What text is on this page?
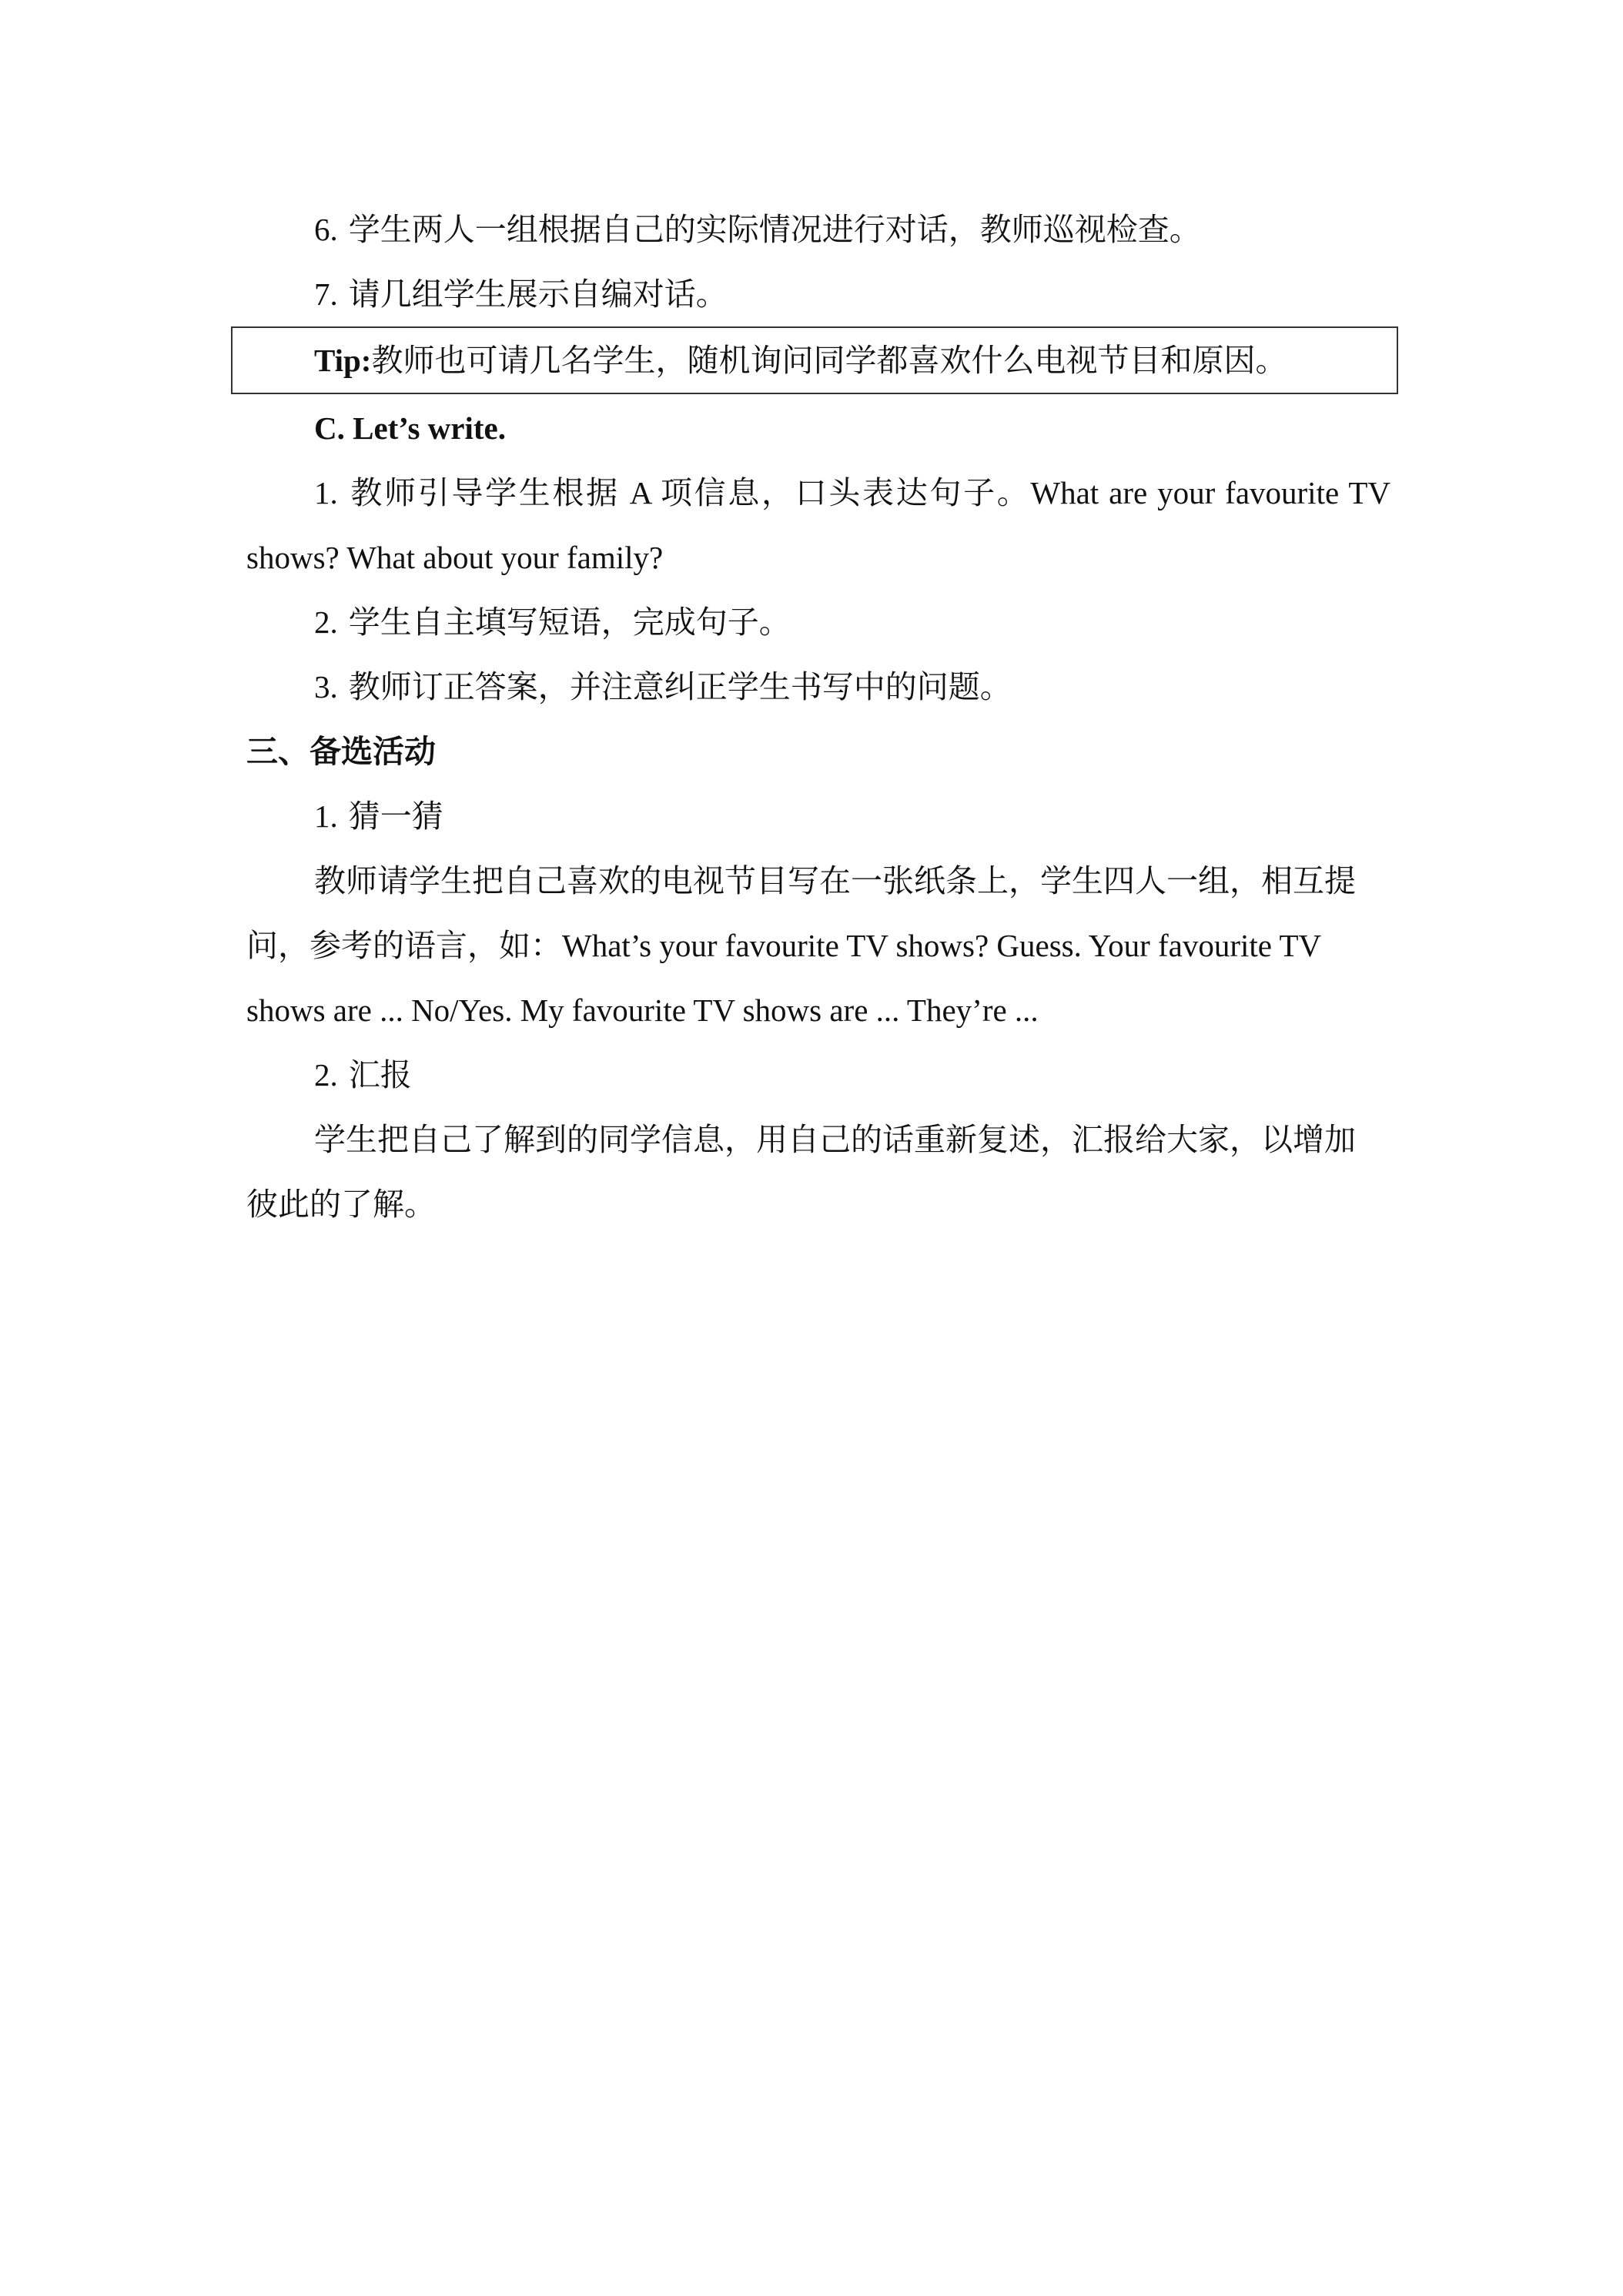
6. 学生两人一组根据自己的实际情况进行对话，教师巡视检查。

7. 请几组学生展示自编对话。

Tip:教师也可请几名学生，随机询问同学都喜欢什么电视节目和原因。

C. Let’s write.

1. 教师引导学生根据 A 项信息，口头表达句子。What are your favourite TV

shows? What about your family?

2. 学生自主填写短语，完成句子。

3. 教师订正答案，并注意纠正学生书写中的问题。

三、备选活动

1. 猜一猜

教师请学生把自己喜欢的电视节目写在一张纸条上，学生四人一组，相互提

问，参考的语言，如：What’s your favourite TV shows? Guess. Your favourite TV

shows are ... No/Yes. My favourite TV shows are ... They’re ...

2. 汇报

学生把自己了解到的同学信息，用自己的话重新复述，汇报给大家，以增加

彼此的了解。
